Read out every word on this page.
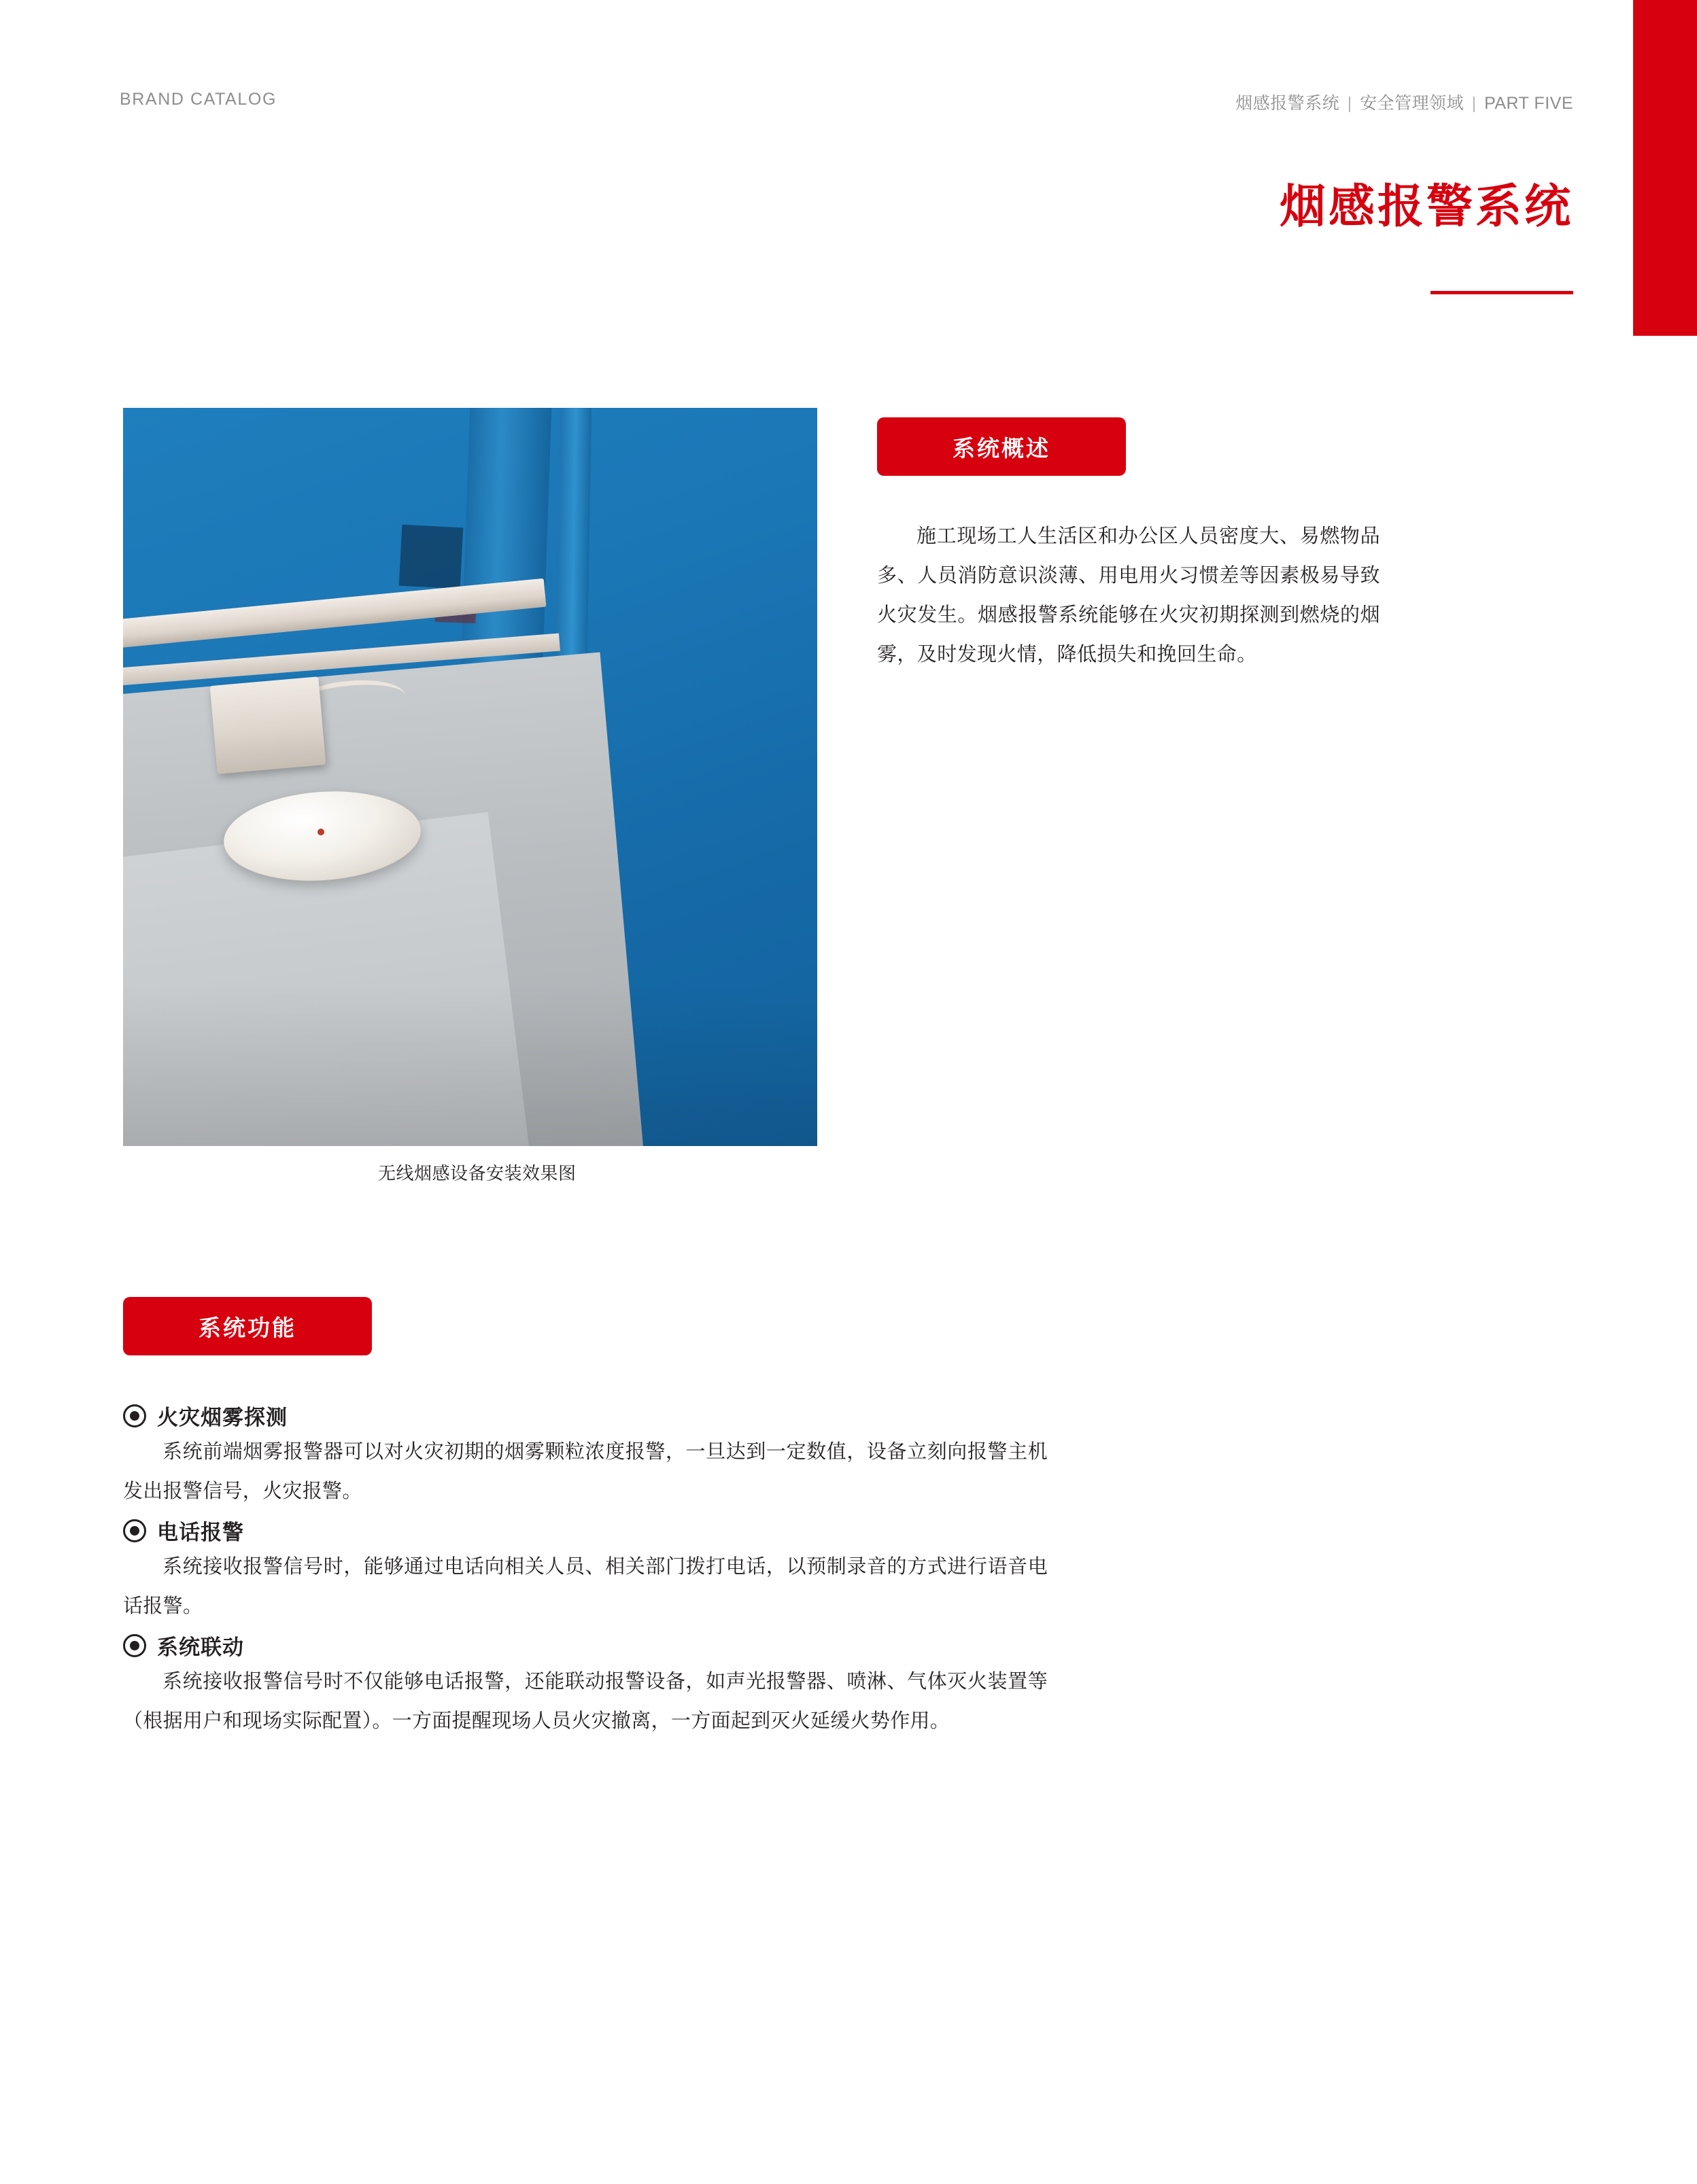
BRAND CATALOG	烟感报警系统 | 安全管理领域 | PART FIVE
烟感报警系统
无线烟感设备安装效果图
系统概述
施工现场工人生活区和办公区人员密度大、易燃物品多、人员消防意识淡薄、用电用火习惯差等因素极易导致火灾发生。烟感报警系统能够在火灾初期探测到燃烧的烟雾，及时发现火情，降低损失和挽回生命。
系统功能
火灾烟雾探测
系统前端烟雾报警器可以对火灾初期的烟雾颗粒浓度报警，一旦达到一定数值，设备立刻向报警主机发出报警信号，火灾报警。
电话报警
系统接收报警信号时，能够通过电话向相关人员、相关部门拨打电话，以预制录音的方式进行语音电话报警。
系统联动
系统接收报警信号时不仅能够电话报警，还能联动报警设备，如声光报警器、喷淋、气体灭火装置等（根据用户和现场实际配置）。一方面提醒现场人员火灾撤离，一方面起到灭火延缓火势作用。
